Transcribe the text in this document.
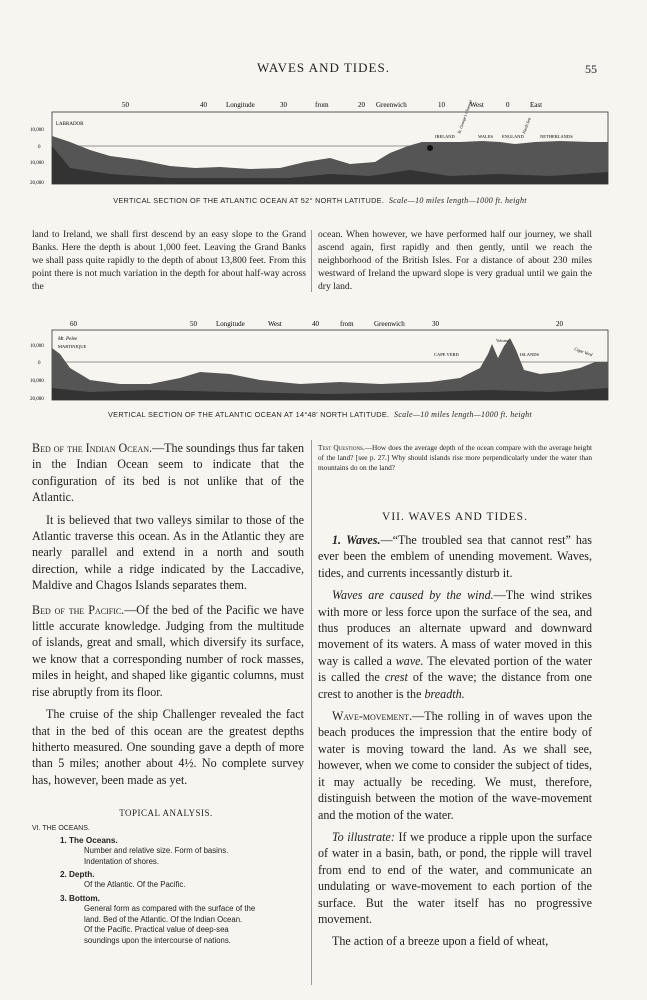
WAVES AND TIDES.	55
50	40	Longitude	30	from	20 Greenwich	10	West	0	East
10,000
0
10,000
20,000
LABRADOR
IRELAND	WALES ENGLAND	NETHERLANDS
St. George's Channel	North Sea
VERTICAL SECTION OF THE ATLANTIC OCEAN AT 52° NORTH LATITUDE. Scale—10 miles length—1000 ft. height
land to Ireland, we shall first descend by an easy slope to the Grand Banks. Here the depth is about 1,000 feet. Leaving the Grand Banks we shall pass quite rapidly to the depth of about 13,800 feet. From this point there is not much variation in the depth for about half-way across the
ocean. When however, we have performed half our journey, we shall ascend again, first rapidly and then gently, until we reach the neighborhood of the British Isles. For a distance of about 230 miles westward of Ireland the upward slope is very gradual until we gain the dry land.
60	50	Longitude	West	40	from	Greenwich	30	20
10,000
0
10,000
20,000
Mt. Pelee
MARTINIQUE
CAPE VERD	ISLANDS	Cape Verd
Volcano
VERTICAL SECTION OF THE ATLANTIC OCEAN AT 14°48′ NORTH LATITUDE. Scale—10 miles length—1000 ft. height

Bed of the Indian Ocean.—The soundings thus far taken in the Indian Ocean seem to indicate that the configuration of its bed is not unlike that of the Atlantic.

It is believed that two valleys similar to those of the Atlantic traverse this ocean. As in the Atlantic they are nearly parallel and extend in a north and south direction, while a ridge indicated by the Laccadive, Maldive and Chagos Islands separates them.

Bed of the Pacific.—Of the bed of the Pacific we have little accurate knowledge. Judging from the multitude of islands, great and small, which diversify its surface, we know that a corresponding number of rock masses, miles in height, and shaped like gigantic columns, must rise abruptly from its floor.

The cruise of the ship Challenger revealed the fact that in the bed of this ocean are the greatest depths hitherto measured. One sounding gave a depth of more than 5 miles; another about 4½. No complete survey has, however, been made as yet.

TOPICAL ANALYSIS.
VI. THE OCEANS.
1. The Oceans.
Number and relative size. Form of basins.
Indentation of shores.
2. Depth.
Of the Atlantic. Of the Pacific.
3. Bottom.
General form as compared with the surface of the
land. Bed of the Atlantic. Of the Indian Ocean.
Of the Pacific. Practical value of deep-sea
soundings upon the intercourse of nations.
Test Questions.—How does the average depth of the ocean compare with the average height of the land? [see p. 27.] Why should islands rise more perpendicularly under the water than mountains do on the land?
VII. WAVES AND TIDES.

1. Waves.—“The troubled sea that cannot rest” has ever been the emblem of unending movement. Waves, tides, and currents incessantly disturb it.

Waves are caused by the wind.—The wind strikes with more or less force upon the surface of the sea, and thus produces an alternate upward and downward movement of its waters. A mass of water moved in this way is called a wave. The elevated portion of the water is called the crest of the wave; the distance from one crest to another is the breadth.

Wave-movement.—The rolling in of waves upon the beach produces the impression that the entire body of water is moving toward the land. As we shall see, however, when we come to consider the subject of tides, it may actually be receding. We must, therefore, distinguish between the motion of the wave-movement and the motion of the water.

To illustrate: If we produce a ripple upon the surface of water in a basin, bath, or pond, the ripple will travel from end to end of the water, and communicate an undulating or wave-movement to each portion of the surface. But the water itself has no progressive movement.

The action of a breeze upon a field of wheat,
